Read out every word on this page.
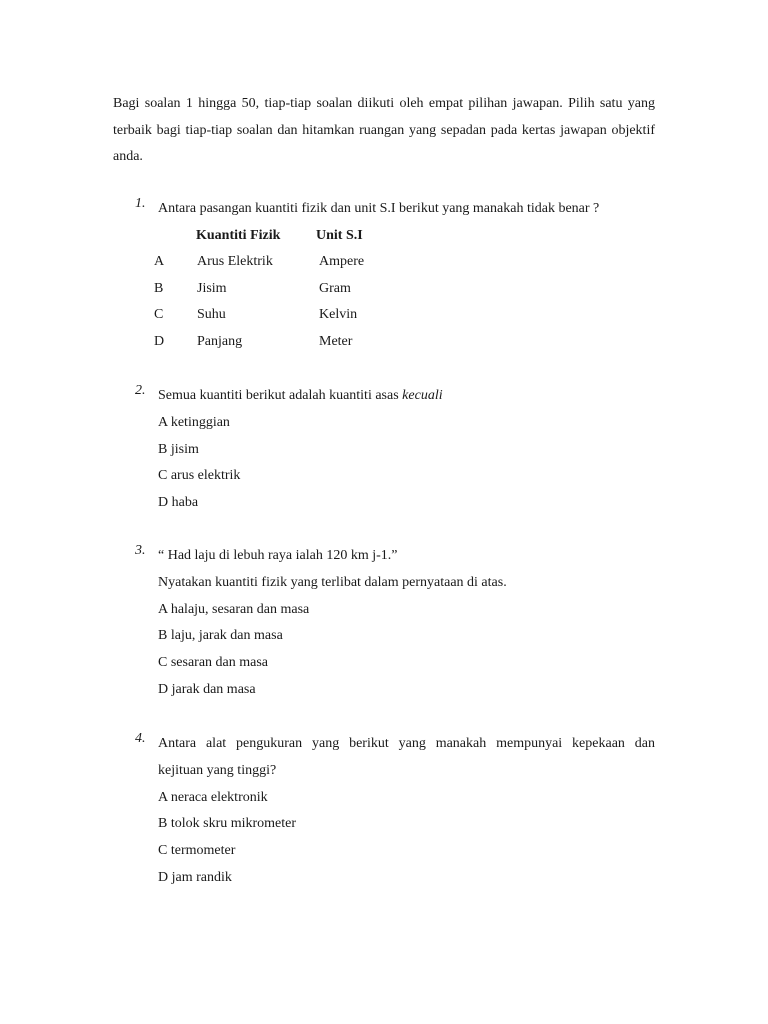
Bagi soalan 1 hingga 50, tiap-tiap soalan diikuti oleh empat pilihan jawapan. Pilih satu yang terbaik bagi tiap-tiap soalan dan hitamkan ruangan yang sepadan pada kertas jawapan objektif anda.
1. Antara pasangan kuantiti fizik dan unit S.I berikut yang manakah tidak benar ?
Kuantiti Fizik	Unit S.I
A Arus Elektrik	Ampere
B Jisim	Gram
C Suhu	Kelvin
D Panjang	Meter
2. Semua kuantiti berikut adalah kuantiti asas kecuali
A ketinggian
B jisim
C arus elektrik
D haba
3. “ Had laju di lebuh raya ialah 120 km j-1.”
Nyatakan kuantiti fizik yang terlibat dalam pernyataan di atas.
A halaju, sesaran dan masa
B laju, jarak dan masa
C sesaran dan masa
D jarak dan masa
4. Antara alat pengukuran yang berikut yang manakah mempunyai kepekaan dan
kejituan yang tinggi?
A neraca elektronik
B tolok skru mikrometer
C termometer
D jam randik
